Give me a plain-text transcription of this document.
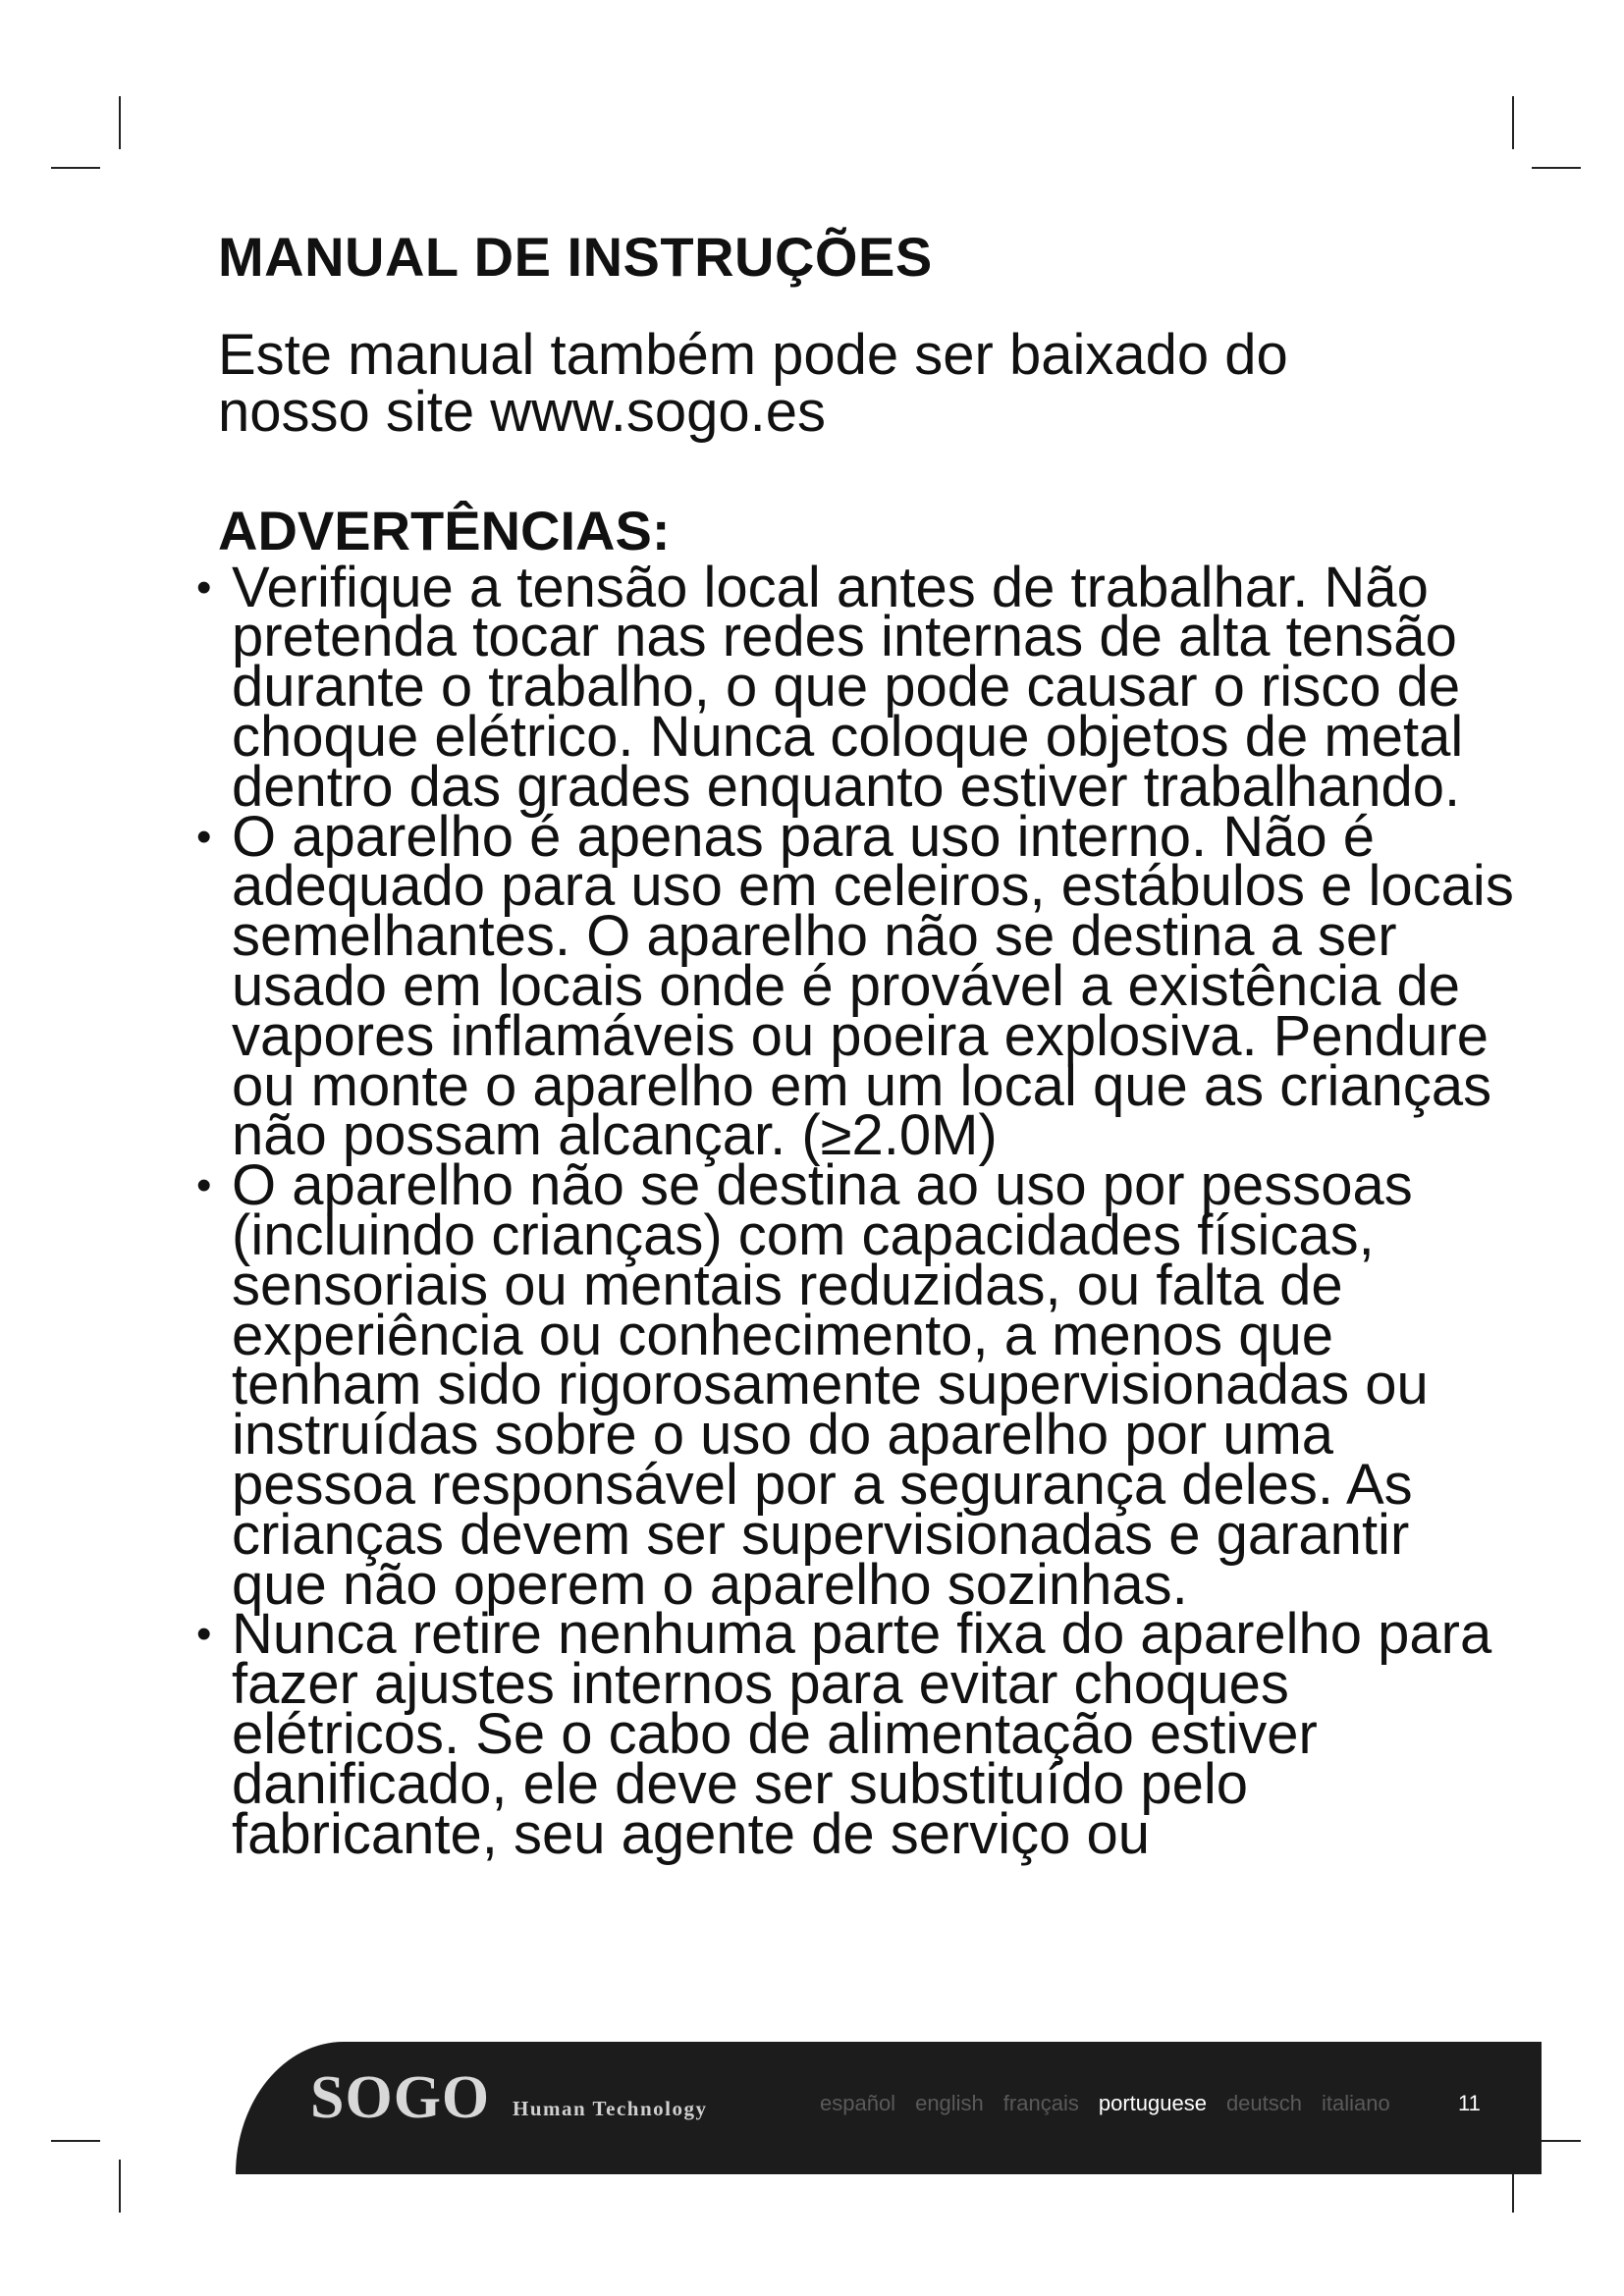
MANUAL DE INSTRUÇÕES

Este manual também pode ser baixado do nosso site www.sogo.es

ADVERTÊNCIAS:
• Verifique a tensão local antes de trabalhar. Não pretenda tocar nas redes internas de alta tensão durante o trabalho, o que pode causar o risco de choque elétrico. Nunca coloque objetos de metal dentro das grades enquanto estiver trabalhando.
• O aparelho é apenas para uso interno. Não é adequado para uso em celeiros, estábulos e locais semelhantes. O aparelho não se destina a ser usado em locais onde é provável a existência de vapores inflamáveis ou poeira explosiva. Pendure ou monte o aparelho em um local que as crianças não possam alcançar. (≥2.0M)
• O aparelho não se destina ao uso por pessoas (incluindo crianças) com capacidades físicas, sensoriais ou mentais reduzidas, ou falta de experiência ou conhecimento, a menos que tenham sido rigorosamente supervisionadas ou instruídas sobre o uso do aparelho por uma pessoa responsável por a segurança deles. As crianças devem ser supervisionadas e garantir que não operem o aparelho sozinhas.
• Nunca retire nenhuma parte fixa do aparelho para fazer ajustes internos para evitar choques elétricos. Se o cabo de alimentação estiver danificado, ele deve ser substituído pelo fabricante, seu agente de serviço ou
SOGO Human Technology	español english français portuguese deutsch italiano	11
